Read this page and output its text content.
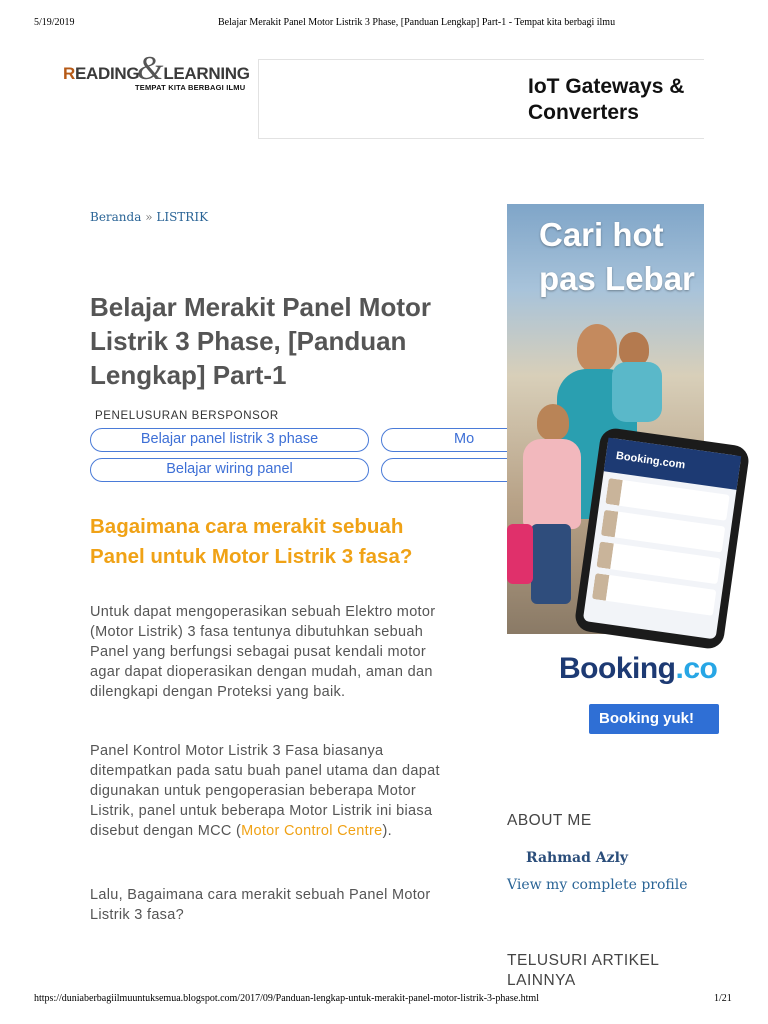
5/19/2019	Belajar Merakit Panel Motor Listrik 3 Phase, [Panduan Lengkap] Part-1 - Tempat kita berbagi ilmu
READING LEARNING
&
TEMPAT KITA BERBAGI ILMU	IoT Gateways & Converters
Beranda » LISTRIK
Belajar Merakit Panel Motor Listrik 3 Phase, [Panduan Lengkap] Part-1
PENELUSURAN BERSPONSOR
Belajar panel listrik 3 phase	Mo
Belajar wiring panel
Bagaimana cara merakit sebuah Panel untuk Motor Listrik 3 fasa?

Untuk dapat mengoperasikan sebuah Elektro motor (Motor Listrik) 3 fasa tentunya dibutuhkan sebuah Panel yang berfungsi sebagai pusat kendali motor agar dapat dioperasikan dengan mudah, aman dan dilengkapi dengan Proteksi yang baik.

Panel Kontrol Motor Listrik 3 Fasa biasanya ditempatkan pada satu buah panel utama dan dapat digunakan untuk pengoperasian beberapa Motor Listrik, panel untuk beberapa Motor Listrik ini biasa disebut dengan MCC (Motor Control Centre).

Lalu, Bagaimana cara merakit sebuah Panel Motor Listrik 3 fasa?

Cari hot
pas Lebar
Booking.com
Booking.co
Booking yuk!
ABOUT ME
Rahmad Azly
View my complete profile
TELUSURI ARTIKEL LAINNYA
https://duniaberbagiilmuuntuksemua.blogspot.com/2017/09/Panduan-lengkap-untuk-merakit-panel-motor-listrik-3-phase.html	1/21
